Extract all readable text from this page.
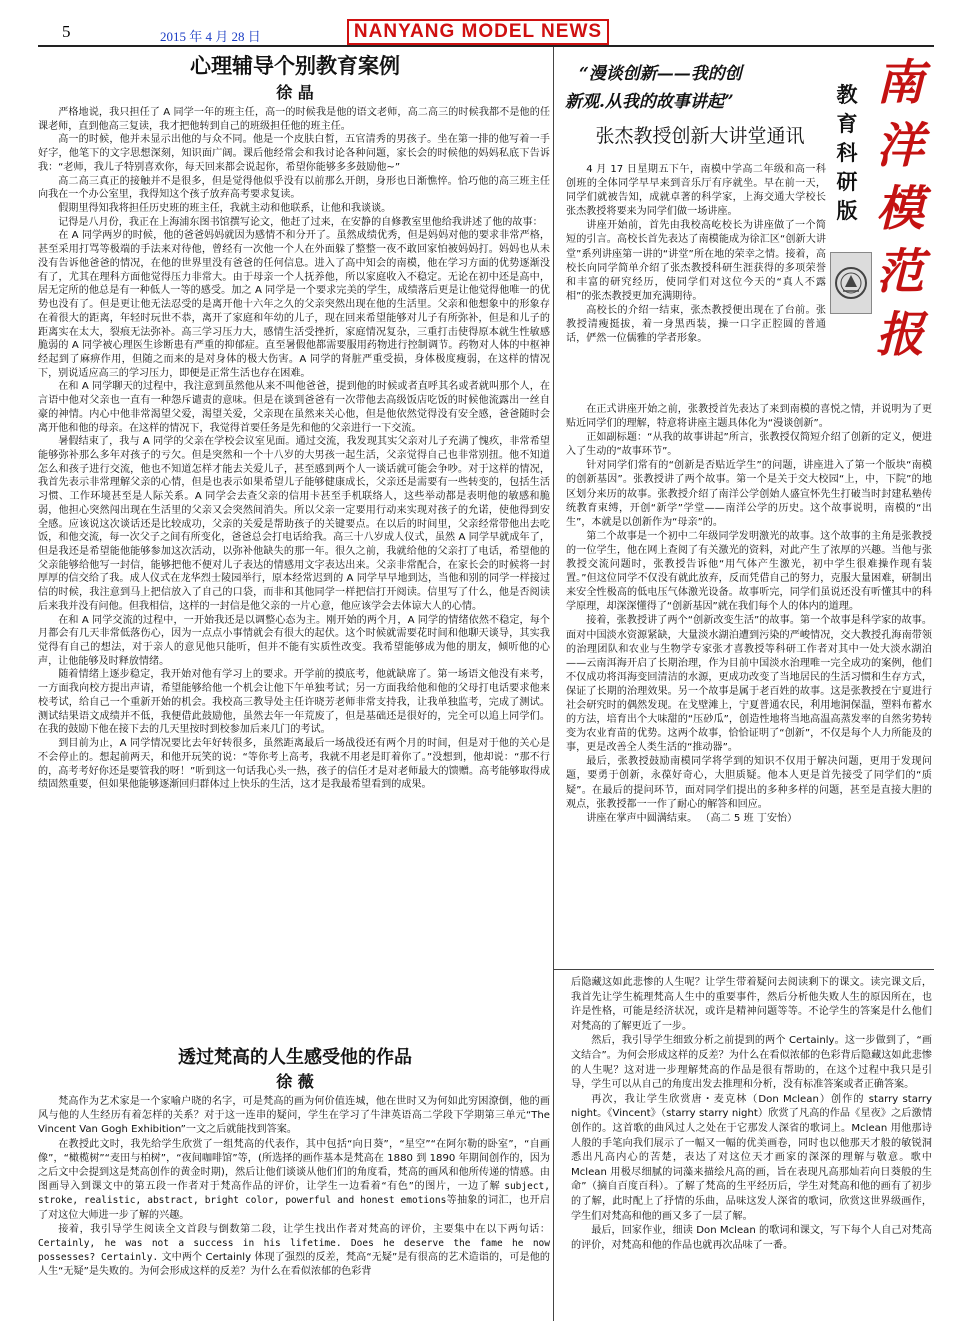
5	2015 年 4 月 28 日	NANYANG MODEL NEWS
心理辅导个别教育案例
徐 晶

严格地说，我只担任了 A 同学一年的班主任，高一的时候我是他的语文老师，高二高三的时候我都不是他的任课老师，直到他高三复读，我才把他转到自己的班级担任他的班主任。

高一的时候，他并未显示出他的与众不同。他是一个皮肤白皙，五官清秀的男孩子。坐在第一排的他写着一手好字，他笔下的文字思想深刻，知识面广阔。课后他经常会和我讨论各种问题，家长会的时候他的妈妈私底下告诉我：“老师，我儿子特别喜欢你，每天回来都会说起你，希望你能够多多鼓励他~”

高二高三真正的接触并不是很多，但是觉得他似乎没有以前那么开朗，身形也日渐憔悴。恰巧他的高三班主任向我在一个办公室里，我得知这个孩子放弃高考要求复读。

假期里得知我将担任历史班的班主任，我就主动和他联系，让他和我谈谈。

记得是八月份，我正在上海浦东图书馆撰写论文，他赶了过来，在安静的自修教室里他给我讲述了他的故事：

在 A 同学两岁的时候，他的爸爸妈妈就因为感情不和分开了。虽然成绩优秀，但是妈妈对他的要求非常严格，甚至采用打骂等极端的手法来对待他，曾经有一次他一个人在外面躲了整整一夜不敢回家怕被妈妈打。妈妈也从未没有告诉他爸爸的情况，在他的世界里没有爸爸的任何信息。进入了高中知会的南模，他在学习方面的优势逐渐没有了，尤其在理科方面他觉得压力非常大。由于母亲一个人抚养他，所以家庭收入不稳定。无论在初中还是高中，居无定所的他总是有一种低人一等的感受。加之 A 同学是一个要求完美的学生，成绩落后更是让他觉得他唯一的优势也没有了。但是更让他无法忍受的是离开他十六年之久的父亲突然出现在他的生活里。父亲和他想象中的形象存在着很大的距离，年轻时玩世不恭，离开了家庭和年幼的儿子，现在回来希望能够对儿子有所弥补，但是和儿子的距离实在太大，裂痕无法弥补。高三学习压力大，感情生活受挫折，家庭情况复杂，三重打击使得原本就生性敏感脆弱的 A 同学被心理医生诊断患有严重的抑郁症。直至暑假他都需要服用药物进行控制调节。药物对人体的中枢神经起到了麻痹作用，但随之而来的是对身体的极大伤害。A 同学的肾脏严重受损，身体极度瘦弱，在这样的情况下，别说适应高三的学习压力，即便是正常生活也存在困难。

在和 A 同学聊天的过程中，我注意到虽然他从来不叫他爸爸，提到他的时候或者直呼其名或者就叫那个人，在言语中他对父亲也一直有一种怨斥谴责的意味。但是在谈到爸爸有一次带他去高级饭店吃饭的时候他流露出一丝自豪的神情。内心中他非常渴望父爱，渴望关爱，父亲现在虽然来关心他，但是他依然觉得没有安全感，爸爸随时会离开他和他的母亲。在这样的情况下，我觉得首要任务是先和他的父亲进行一下交流。

暑假结束了，我与 A 同学的父亲在学校会议室见面。通过交流，我发现其实父亲对儿子充满了愧疚，非常希望能够弥补那么多年对孩子的亏欠。但是突然和一个十八岁的大男孩一起生活，父亲觉得自己也非常别扭。他不知道怎么和孩子进行交流，他也不知道怎样才能去关爱儿子，甚至感到两个人一谈话就可能会争吵。对于这样的情况，我首先表示非常理解父亲的心情，但是也表示如果希望儿子能够健康成长，父亲还是需要有一些转变的，包括生活习惯、工作环境甚至是人际关系。A 同学会去查父亲的信用卡甚至手机联络人，这些举动都是表明他的敏感和脆弱，他担心突然闯出现在生活里的父亲又会突然间消失。所以父亲一定要用行动来实现对孩子的允诺，使他得到安全感。应该说这次谈话还是比较成功，父亲的关爱是帮助孩子的关键要点。在以后的时间里，父亲经常带他出去吃饭，和他交流，每一次父子之间有所变化，爸爸总会打电话给我。高三十八岁成人仪式，虽然 A 同学早就成年了，但是我还是希望能他能够参加这次活动，以弥补他缺失的那一年。很久之前，我就给他的父亲打了电话，希望他的父亲能够给他写一封信，能够把他不便对儿子表达的情感用文字表达出来。父亲非常配合，在家长会的时候将一封厚厚的信交给了我。成人仪式在龙华烈士陵园举行，原本经常迟到的 A 同学早早地到达，当他和别的同学一样接过信的时候，我注意到马上把信放入了自己的口袋，而非和其他同学一样把信打开阅读。信里写了什么，他是否阅读后来我并没有问他。但我相信，这样的一封信是他父亲的一片心意，他应该学会去体谅大人的心情。

在和 A 同学交流的过程中，一开始我还是以调整心态为主。刚开始的两个月，A 同学的情绪依然不稳定，每个月都会有几天非常低落伤心，因为一点点小事情就会有很大的起伏。这个时候就需要花时间和他聊天谈导，其实我觉得有自己的想法，对于亲人的意见他只能听，但并不能有实质性改变。我希望能够成为他的朋友，倾听他的心声，让他能够及时释放情绪。

随着情绪上逐步稳定，我开始对他有学习上的要求。开学前的摸底考，他就缺席了。第一场语文他没有来考，一方面我向校方提出声请，希望能够给他一个机会让他下午单独考试；另一方面我给他和他的父母打电话要求他来校考试，给自己一个重新开始的机会。我校高三教导处主任许晓芳老师非常支持我，让我单独监考，完成了测试。测试结果语文成绩并不低，我便借此鼓励他，虽然去年一年荒废了，但是基础还是很好的，完全可以追上同学们。在我的鼓励下他在接下去的几天里按时到校参加后来几门的考试。

到目前为止，A 同学情况要比去年好转很多，虽然距离最后一场战役还有两个月的时间，但是对于他的关心是不会停止的。想起前两天，和他开玩笑的说：“等你考上高考，我就不用老是盯着你了。”没想到，他却说：“那不行的，高考考好你还是要管我的呀！”听到这一句话我心头一热，孩子的信任才是对老师最大的馈赠。高考能够取得成绩固然重要，但如果他能够逐渐回归群体过上快乐的生活，这才是我最希望看到的成果。

透过梵高的人生感受他的作品
徐 薇

梵高作为艺术家是一个家喻户晓的名字，可是梵高的画为何价值连城，他在世时又为何如此穷困潦倒，他的画风与他的人生经历有着怎样的关系？对于这一连串的疑问，学生在学习了牛津英语高二学段下学期第三单元“The Vincent Van Gogh Exhibition”一文之后就能找到答案。

在教授此文时，我先给学生欣赏了一组梵高的代表作，其中包括“向日葵”，“星空”“在阿尔勒的卧室”，“自画像”，“橄榄树”“麦田与柏树”，“夜间咖啡馆”等，(所选择的画作基本是梵高在 1880 到 1890 年期间创作的，因为之后文中会提到这是梵高创作的黄金时期)，然后让他们谈谈从他们们的角度看，梵高的画风和他所传递的情感。由图画导入到课文中的第五段一作者对于梵高作品的评价，让学生一边看着“有色”的图片，一边了解 subject, stroke, realistic, abstract, bright color, powerful and honest emotions等抽象的词汇，也开启了对这位大师进一步了解的兴趣。

接着，我引导学生阅读全文首段与倒数第二段，让学生找出作者对梵高的评价，主要集中在以下两句话：Certainly, he was not a success in his lifetime. Does he deserve the fame he now possesses? Certainly. 文中两个 Certainly 体现了强烈的反差，梵高“无疑”是有很高的艺术造诣的，可是他的人生“无疑”是失败的。为何会形成这样的反差？为什么在看似浓郁的色彩背

后隐藏这如此悲惨的人生呢？让学生带着疑问去阅读剩下的课文。读完课文后，我首先让学生梳理梵高人生中的重要事件，然后分析他失败人生的原因所在，也许是性格，可能是经济状况，或许是精神问题等等。不论学生的答案是什么他们对梵高的了解更近了一步。

然后，我引导学生细致分析之前提到的两个 Certainly。这一步做到了，“画文结合”。为何会形成这样的反差？为什么在看似浓郁的色彩背后隐藏这如此悲惨的人生呢？这对进一步理解梵高的作品是很有帮助的，在这个过程中我只是引导，学生可以从自己的角度出发去推理和分析，没有标准答案或者正确答案。

再次，我让学生欣赏唐・麦克林（Don Mclean）创作的 starry starry night。《Vincent》（starry starry night）欣赏了凡高的作品《星夜》之后激情创作的。这首歌的曲风过人之处在于它那发人深省的歌词上。Mclean 用他那诗人般的手笔向我们展示了一幅又一幅的优美画卷，同时也以他那天才般的敏锐洞悉出凡高内心的苦楚，表达了对这位天才画家的深深的理解与敬意。歌中 Mclean 用极尽细腻的词藻来描绘凡高的画，旨在表现凡高那灿若向日葵般的生命”（摘自百度百科）。了解了梵高的生平经历后，学生对梵高和他的画有了初步的了解，此时配上了抒情的乐曲，品味这发人深省的歌词，欣赏这世界级画作，学生们对梵高和他的画又多了一层了解。

最后，回家作业，细读 Don Mclean 的歌词和课文，写下每个人自己对梵高的评价，对梵高和他的作品也就再次品味了一番。

“漫谈创新——我的创
新观.从我的故事讲起”
张杰教授创新大讲堂通讯
教
育
科
研
版
南
洋
模
范
报

4 月 17 日星期五下午，南模中学高二年级和高一科创班的全体同学早早来到音乐厅有序就坐。早在前一天，同学们就被告知，成就卓著的科学家，上海交通大学校长张杰教授将要来为同学们做一场讲座。

讲座开始前，首先由我校高屹校长为讲座做了一个简短的引言。高校长首先表达了南模能成为徐汇区“创新大讲堂”系列讲座第一讲的“讲堂”所在地的荣幸之情。接着，高校长向同学简单介绍了张杰教授科研生涯获得的多项荣誉和丰富的研究经历，使同学们对这位今天的“真人不露相”的张杰教授更加充满期待。

高校长的介绍一结束，张杰教授便出现在了台前。张教授清瘦挺拔，着一身黑西装，操一口字正腔圆的普通话，俨然一位儒雅的学者形象。

在正式讲座开始之前，张教授首先表达了来到南模的喜悦之情，并说明为了更贴近同学们的理解，特意将讲座主题具体化为“漫谈创新”。

正如副标题：“从我的故事讲起”所言，张教授仅简短介绍了创新的定义，便进入了生动的“故事环节”。

针对同学们常有的“创新是否贴近学生”的问题，讲座进入了第一个版块“南模的创新基因”。张教授讲了两个故事。第一个是关于交大校园“上，中，下院”的地区划分来历的故事。张教授介绍了南洋公学创始人盛宣怀先生打破当时封建私塾传统教育束缚，开创“新学”学堂——南洋公学的历史。这个故事说明，南模的“出生”，本就是以创新作为“母亲”的。

第二个故事是一个初中二年级同学发明激光的故事。这个故事的主角是张教授的一位学生，他在网上查阅了有关激光的资料，对此产生了浓厚的兴趣。当他与张教授交流问题时，张教授告诉他“用气体产生激光，初中学生很难操作现有装置。”但这位同学不仅没有就此放弃，反而凭借自己的努力，克服大量困难，研制出来安全性极高的低电压气体激光设备。故事听完，同学们虽说还没有听懂其中的科学原理，却深深懂得了“创新基因”就在我们每个人的体内的道理。

接着，张教授讲了两个“创新改变生活”的故事。第一个故事是科学家的故事。面对中国淡水资源紧缺，大量淡水湖泊遭到污染的严峻情况，交大教授孔海南带领的治理团队和农业与生物学专家张才喜教授等科研工作者对其中一处大淡水湖泊——云南洱海开启了长期治理，作为目前中国淡水治理唯一完全成功的案例，他们不仅成功将洱海变回清洁的水源，更成功改变了当地居民的生活习惯和生存方式，保证了长期的治理效果。另一个故事是属于老百姓的故事。这是张教授在宁夏进行社会研究时的偶然发现。在戈壁滩上，宁夏普通农民，利用地洞保温，塑料布蓄水的方法，培育出个大味甜的“压砂瓜”，创造性地将当地高温高蒸发率的自然劣势转变为农业育苗的优势。这两个故事，恰恰证明了“创新”，不仅是每个人力所能及的事，更是改善全人类生活的“推动器”。

最后，张教授鼓励南模同学将学到的知识不仅用于解决问题，更用于发现问题，要勇于创新，永葆好奇心，大胆质疑。他本人更是首先接受了同学们的“质疑”。在最后的提问环节，面对同学们提出的多种多样的问题，甚至是直接大胆的观点，张教授都一一作了耐心的解答和回应。

讲座在掌声中圆满结束。 （高二 5 班 丁安怡）
